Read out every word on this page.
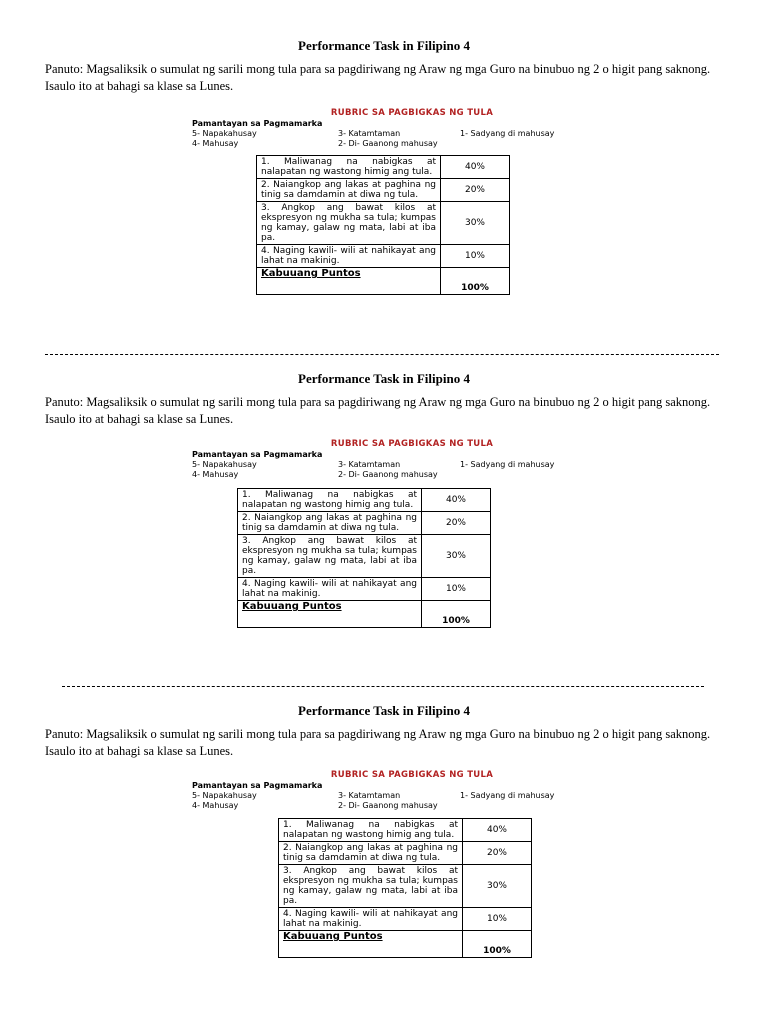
Performance Task in Filipino 4
Panuto: Magsaliksik o sumulat ng sarili mong tula para sa pagdiriwang ng Araw ng mga Guro na binubuo ng 2 o higit pang saknong. Isaulo ito at bahagi sa klase sa Lunes.
RUBRIC SA PAGBIGKAS NG TULA
Pamantayan sa Pagmamarka
5- Napakahusay	3- Katamtaman	1- Sadyang di mahusay
4- Mahusay	2- Di- Gaanong mahusay
1. Maliwanag na nabigkas at nalapatan ng wastong himig ang tula.	40%
2. Naiangkop ang lakas at paghina ng tinig sa damdamin at diwa ng tula.	20%
3. Angkop ang bawat kilos at ekspresyon ng mukha sa tula; kumpas ng kamay, galaw ng mata, labi at iba pa.	30%
4. Naging kawili- wili at nahikayat ang lahat na makinig.	10%
Kabuuang Puntos	100%
Performance Task in Filipino 4
Panuto: Magsaliksik o sumulat ng sarili mong tula para sa pagdiriwang ng Araw ng mga Guro na binubuo ng 2 o higit pang saknong. Isaulo ito at bahagi sa klase sa Lunes.
RUBRIC SA PAGBIGKAS NG TULA
Pamantayan sa Pagmamarka
5- Napakahusay	3- Katamtaman	1- Sadyang di mahusay
4- Mahusay	2- Di- Gaanong mahusay
1. Maliwanag na nabigkas at nalapatan ng wastong himig ang tula.	40%
2. Naiangkop ang lakas at paghina ng tinig sa damdamin at diwa ng tula.	20%
3. Angkop ang bawat kilos at ekspresyon ng mukha sa tula; kumpas ng kamay, galaw ng mata, labi at iba pa.	30%
4. Naging kawili- wili at nahikayat ang lahat na makinig.	10%
Kabuuang Puntos	100%
Performance Task in Filipino 4
Panuto: Magsaliksik o sumulat ng sarili mong tula para sa pagdiriwang ng Araw ng mga Guro na binubuo ng 2 o higit pang saknong. Isaulo ito at bahagi sa klase sa Lunes.
RUBRIC SA PAGBIGKAS NG TULA
Pamantayan sa Pagmamarka
5- Napakahusay	3- Katamtaman	1- Sadyang di mahusay
4- Mahusay	2- Di- Gaanong mahusay
1. Maliwanag na nabigkas at nalapatan ng wastong himig ang tula.	40%
2. Naiangkop ang lakas at paghina ng tinig sa damdamin at diwa ng tula.	20%
3. Angkop ang bawat kilos at ekspresyon ng mukha sa tula; kumpas ng kamay, galaw ng mata, labi at iba pa.	30%
4. Naging kawili- wili at nahikayat ang lahat na makinig.	10%
Kabuuang Puntos	100%
